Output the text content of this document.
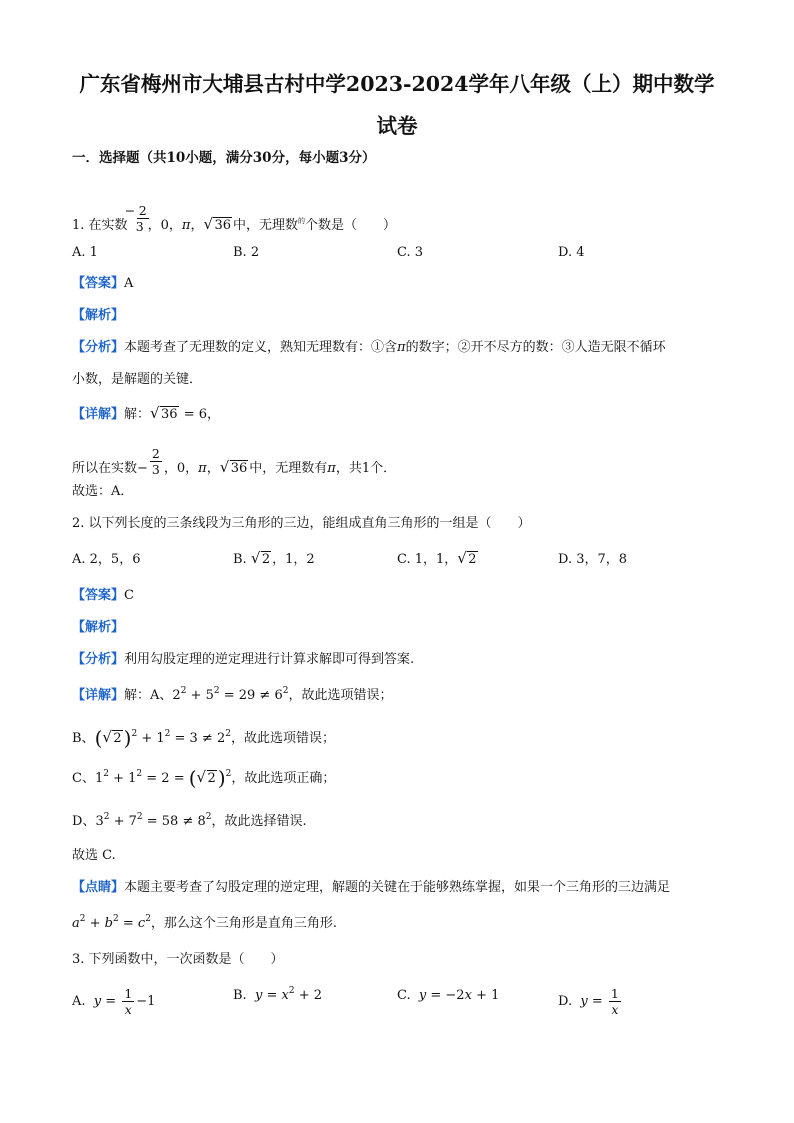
广东省梅州市大埔县古村中学2023-2024学年八年级（上）期中数学
试卷
一．选择题（共10小题，满分30分，每小题3分）
1. 在实数 $\frac{- 2}{3}$ ，0，π， √ 36 中，无理数$^的$个数是（　　）
A. 1	B. 2	C. 3	D. 4
【答案】A
【解析】
【分析】本题考查了无理数的定义，熟知无理数有：①含π的数字；②开不尽方的数：③人造无限不循环
小数，是解题的关键．
【详解】解： √ 36 = 6，
所以在实数− $\frac{2}{3}$ ，0，π， √ 36 中，无理数有π，共1个．
故选：A．
2. 以下列长度的三条线段为三角形的三边，能组成直角三角形的一组是（　　）
A. 2，5，6	B. √ 2 ，1，2	C. 1，1， √ 2	D. 3，7，8
【答案】C
【解析】
【分析】利用勾股定理的逆定理进行计算求解即可得到答案.
【详解】解：A、$2^2 + 5^2 = 29 \ne 6^2$，故此选项错误；
B、( √ 2 )$^2 + 1^2 = 3 \ne 2^2$，故此选项错误；
C、$1^2 + 1^2 = 2$ = ( √ 2 )$^2$，故此选项正确；
D、$3^2 + 7^2 = 58 \ne 8^2$，故此选择错误.
故选 C.
【点睛】本题主要考查了勾股定理的逆定理，解题的关键在于能够熟练掌握，如果一个三角形的三边满足
$a^2 + b^2 = c^2$，那么这个三角形是直角三角形.
3. 下列函数中，一次函数是（　　）
A. $y = \frac{1}{x} -1$	B. $y = x^2 + 2$	C. y = −2x + 1	D. $y = \frac{1}{x}$
